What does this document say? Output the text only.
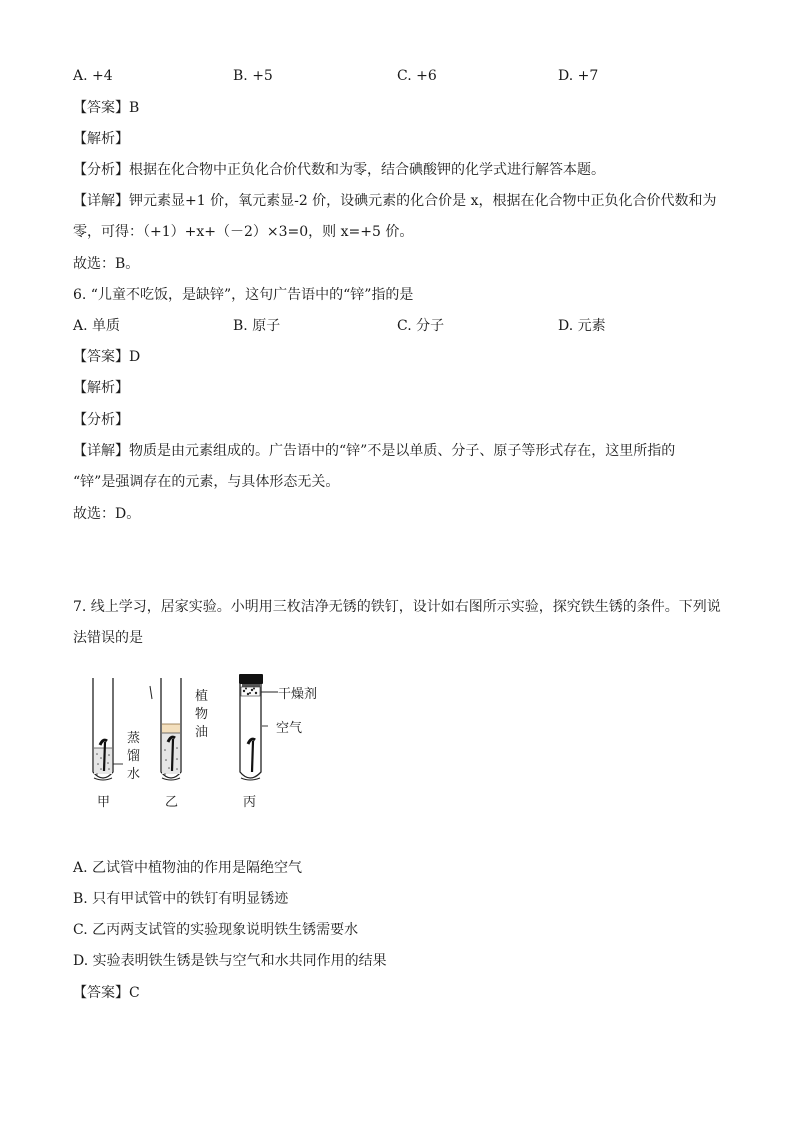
A. +4	B. +5	C. +6	D. +7
【答案】B
【解析】
【分析】根据在化合物中正负化合价代数和为零，结合碘酸钾的化学式进行解答本题。
【详解】钾元素显+1 价，氧元素显-2 价，设碘元素的化合价是 x，根据在化合物中正负化合价代数和为
零，可得：（+1）+x+（－2）×3=0，则 x=+5 价。
故选：B。
6. “儿童不吃饭，是缺锌”，这句广告语中的“锌”指的是
A. 单质	B. 原子	C. 分子	D. 元素
【答案】D
【解析】
【分析】
【详解】物质是由元素组成的。广告语中的“锌”不是以单质、分子、原子等形式存在，这里所指的
“锌”是强调存在的元素，与具体形态无关。
故选：D。
7. 线上学习，居家实验。小明用三枚洁净无锈的铁钉，设计如右图所示实验，探究铁生锈的条件。下列说
法错误的是
蒸
馏
水
植
物
油
干燥剂
空气
甲	乙	丙
A. 乙试管中植物油的作用是隔绝空气
B. 只有甲试管中的铁钉有明显锈迹
C. 乙丙两支试管的实验现象说明铁生锈需要水
D. 实验表明铁生锈是铁与空气和水共同作用的结果
【答案】C
